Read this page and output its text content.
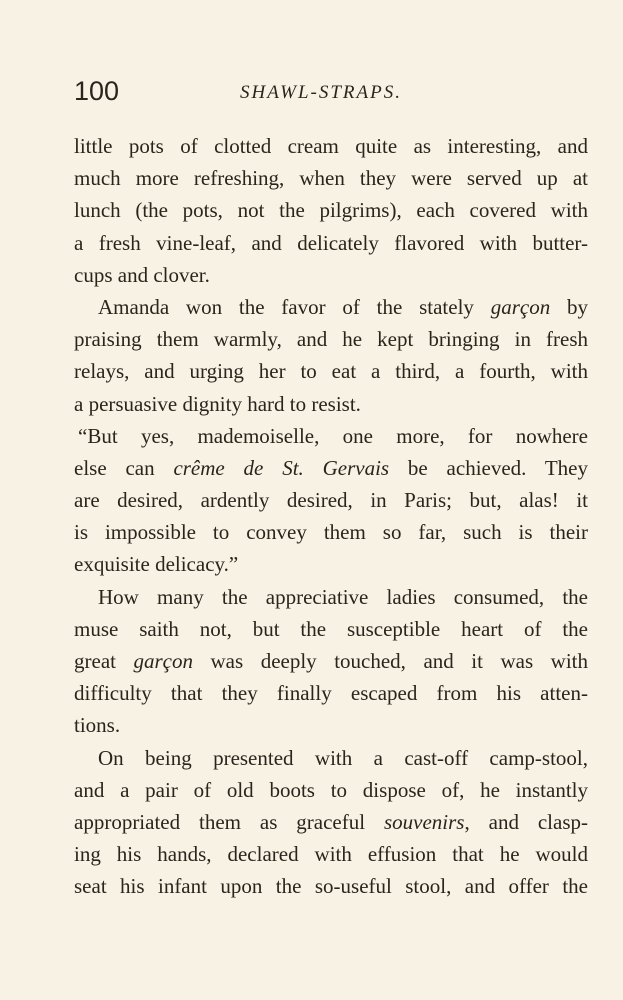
100	SHAWL-STRAPS.
little pots of clotted cream quite as interesting, and
much more refreshing, when they were served up at
lunch (the pots, not the pilgrims), each covered with
a fresh vine-leaf, and delicately flavored with butter-
cups and clover.
Amanda won the favor of the stately garçon by
praising them warmly, and he kept bringing in fresh
relays, and urging her to eat a third, a fourth, with
a persuasive dignity hard to resist.
“But yes, mademoiselle, one more, for nowhere
else can crême de St. Gervais be achieved. They
are desired, ardently desired, in Paris; but, alas! it
is impossible to convey them so far, such is their
exquisite delicacy.”
How many the appreciative ladies consumed, the
muse saith not, but the susceptible heart of the
great garçon was deeply touched, and it was with
difficulty that they finally escaped from his atten-
tions.
On being presented with a cast-off camp-stool,
and a pair of old boots to dispose of, he instantly
appropriated them as graceful souvenirs, and clasp-
ing his hands, declared with effusion that he would
seat his infant upon the so-useful stool, and offer the
